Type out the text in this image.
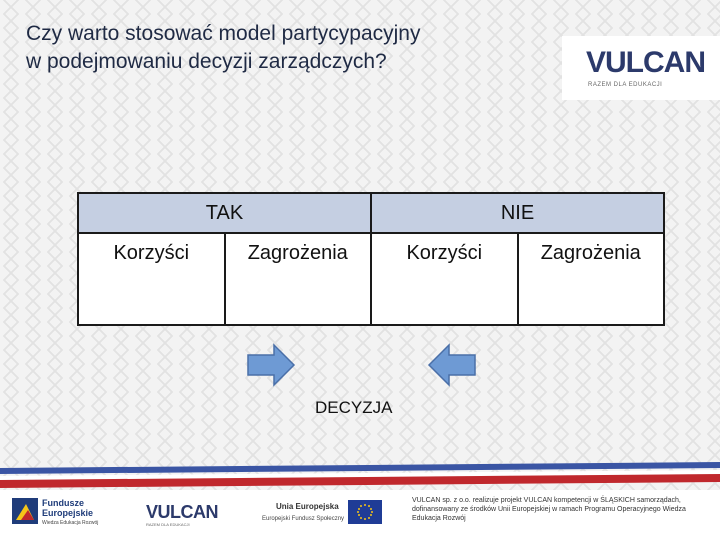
Czy warto stosować model partycypacyjny
w podejmowaniu decyzji zarządczych?	VULCAN
RAZEM DLA EDUKACJI
TAK		NIE	
Korzyści	Zagrożenia	Korzyści	Zagrożenia
DECYZJA
Fundusze
Europejskie
Wiedza Edukacja Rozwój
VULCAN
RAZEM DLA EDUKACJI
Unia Europejska
Europejski Fundusz Społeczny
VULCAN sp. z o.o. realizuje projekt VULCAN kompetencji w ŚLĄSKICH samorządach, dofinansowany ze środków Unii Europejskiej w ramach Programu Operacyjnego Wiedza Edukacja Rozwój
